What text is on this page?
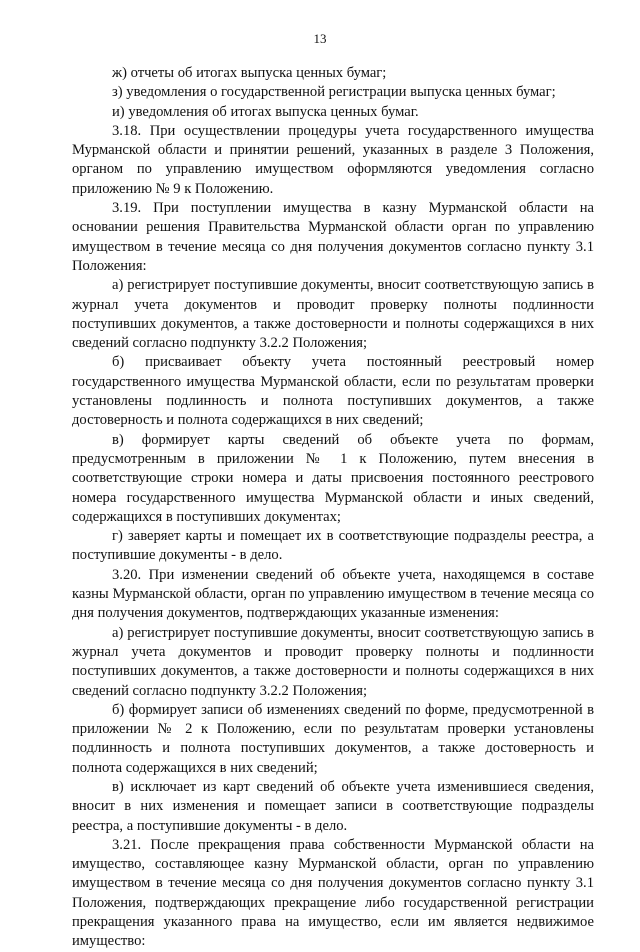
13

ж) отчеты об итогах выпуска ценных бумаг;

з) уведомления о государственной регистрации выпуска ценных бумаг;

и) уведомления об итогах выпуска ценных бумаг.

3.18. При осуществлении процедуры учета государственного имущества Мурманской области и принятии решений, указанных в разделе 3 Положения, органом по управлению имуществом оформляются уведомления согласно приложению № 9 к Положению.

3.19. При поступлении имущества в казну Мурманской области на основании решения Правительства Мурманской области орган по управлению имуществом в течение месяца со дня получения документов согласно пункту 3.1 Положения:

а) регистрирует поступившие документы, вносит соответствующую запись в журнал учета документов и проводит проверку полноты подлинности поступивших документов, а также достоверности и полноты содержащихся в них сведений согласно подпункту 3.2.2 Положения;

б) присваивает объекту учета постоянный реестровый номер государственного имущества Мурманской области, если по результатам проверки установлены подлинность и полнота поступивших документов, а также достоверность и полнота содержащихся в них сведений;

в) формирует карты сведений об объекте учета по формам, предусмотренным в приложении № 1 к Положению, путем внесения в соответствующие строки номера и даты присвоения постоянного реестрового номера государственного имущества Мурманской области и иных сведений, содержащихся в поступивших документах;

г) заверяет карты и помещает их в соответствующие подразделы реестра, а поступившие документы - в дело.

3.20. При изменении сведений об объекте учета, находящемся в составе казны Мурманской области, орган по управлению имуществом в течение месяца со дня получения документов, подтверждающих указанные изменения:

а) регистрирует поступившие документы, вносит соответствующую запись в журнал учета документов и проводит проверку полноты и подлинности поступивших документов, а также достоверности и полноты содержащихся в них сведений согласно подпункту 3.2.2 Положения;

б) формирует записи об изменениях сведений по форме, предусмотренной в приложении № 2 к Положению, если по результатам проверки установлены подлинность и полнота поступивших документов, а также достоверность и полнота содержащихся в них сведений;

в) исключает из карт сведений об объекте учета изменившиеся сведения, вносит в них изменения и помещает записи в соответствующие подразделы реестра, а поступившие документы - в дело.

3.21. После прекращения права собственности Мурманской области на имущество, составляющее казну Мурманской области, орган по управлению имуществом в течение месяца со дня получения документов согласно пункту 3.1 Положения, подтверждающих прекращение либо государственной регистрации прекращения указанного права на имущество, если им является недвижимое имущество:
